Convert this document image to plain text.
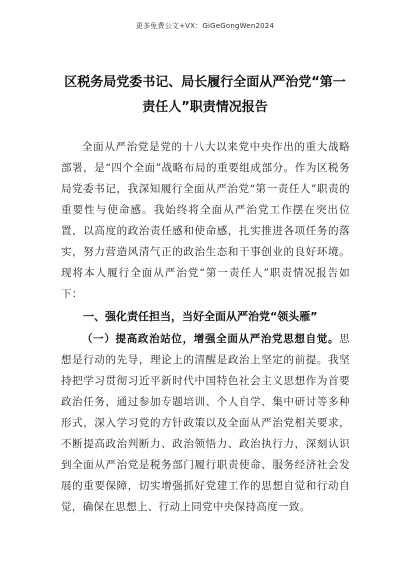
更多免费公文+VX：GiGeGongWen2024
区税务局党委书记、局长履行全面从严治党“第一责任人”职责情况报告

全面从严治党是党的十八大以来党中央作出的重大战略部署，是“四个全面”战略布局的重要组成部分。作为区税务局党委书记，我深知履行全面从严治党“第一责任人”职责的重要性与使命感。我始终将全面从严治党工作摆在突出位置，以高度的政治责任感和使命感，扎实推进各项任务的落实，努力营造风清气正的政治生态和干事创业的良好环境。现将本人履行全面从严治党“第一责任人”职责情况报告如下：

一、强化责任担当，当好全面从严治党“领头雁”

（一）提高政治站位，增强全面从严治党思想自觉。思想是行动的先导，理论上的清醒是政治上坚定的前提。我坚持把学习贯彻习近平新时代中国特色社会主义思想作为首要政治任务，通过参加专题培训、个人自学、集中研讨等多种形式，深入学习党的方针政策以及全面从严治党相关要求，不断提高政治判断力、政治领悟力、政治执行力，深刻认识到全面从严治党是税务部门履行职责使命、服务经济社会发展的重要保障，切实增强抓好党建工作的思想自觉和行动自觉，确保在思想上、行动上同党中央保持高度一致。
